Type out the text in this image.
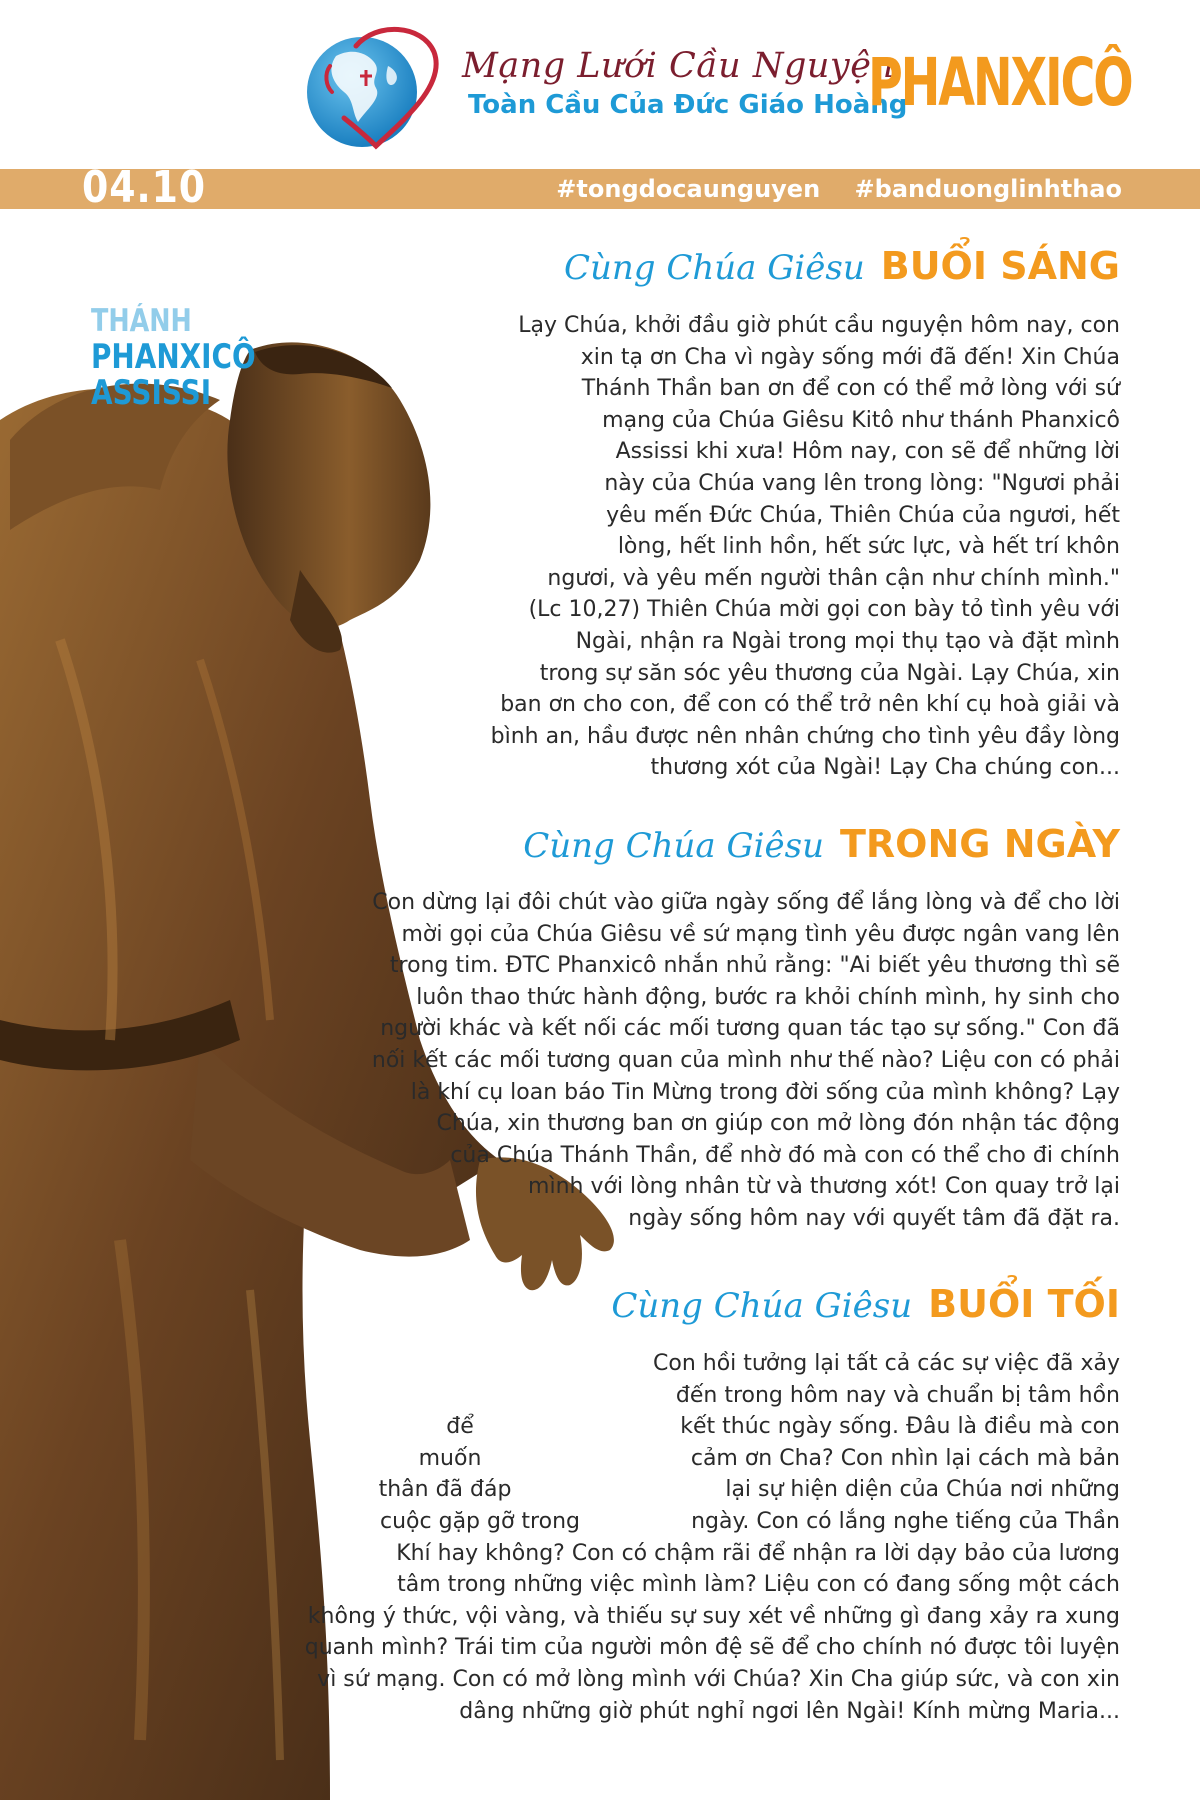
Mạng Lưới Cầu Nguyện
Toàn Cầu Của Đức Giáo Hoàng
PHANXICÔ
04.10	#tongdocaunguyen #banduonglinhthao
THÁNH
PHANXICÔ
ASSISSI
Cùng Chúa Giêsu BUỔI SÁNG
Lạy Chúa, khởi đầu giờ phút cầu nguyện hôm nay, con
xin tạ ơn Cha vì ngày sống mới đã đến! Xin Chúa
Thánh Thần ban ơn để con có thể mở lòng với sứ
mạng của Chúa Giêsu Kitô như thánh Phanxicô
Assissi khi xưa! Hôm nay, con sẽ để những lời
này của Chúa vang lên trong lòng: "Ngươi phải
yêu mến Đức Chúa, Thiên Chúa của ngươi, hết
lòng, hết linh hồn, hết sức lực, và hết trí khôn
ngươi, và yêu mến người thân cận như chính mình."
(Lc 10,27) Thiên Chúa mời gọi con bày tỏ tình yêu với
Ngài, nhận ra Ngài trong mọi thụ tạo và đặt mình
trong sự săn sóc yêu thương của Ngài. Lạy Chúa, xin
ban ơn cho con, để con có thể trở nên khí cụ hoà giải và
bình an, hầu được nên nhân chứng cho tình yêu đầy lòng
thương xót của Ngài! Lạy Cha chúng con...
Cùng Chúa Giêsu TRONG NGÀY
Con dừng lại đôi chút vào giữa ngày sống để lắng lòng và để cho lời
mời gọi của Chúa Giêsu về sứ mạng tình yêu được ngân vang lên
trong tim. ĐTC Phanxicô nhắn nhủ rằng: "Ai biết yêu thương thì sẽ
luôn thao thức hành động, bước ra khỏi chính mình, hy sinh cho
người khác và kết nối các mối tương quan tác tạo sự sống." Con đã
nối kết các mối tương quan của mình như thế nào? Liệu con có phải
là khí cụ loan báo Tin Mừng trong đời sống của mình không? Lạy
Chúa, xin thương ban ơn giúp con mở lòng đón nhận tác động
của Chúa Thánh Thần, để nhờ đó mà con có thể cho đi chính
mình với lòng nhân từ và thương xót! Con quay trở lại
ngày sống hôm nay với quyết tâm đã đặt ra.
Cùng Chúa Giêsu BUỔI TỐI
Con hồi tưởng lại tất cả các sự việc đã xảy
đến trong hôm nay và chuẩn bị tâm hồn
kết thúc ngày sống. Đâu là điều mà con
cảm ơn Cha? Con nhìn lại cách mà bản
lại sự hiện diện của Chúa nơi những
ngày. Con có lắng nghe tiếng của Thần
Khí hay không? Con có chậm rãi để nhận ra lời dạy bảo của lương
tâm trong những việc mình làm? Liệu con có đang sống một cách
không ý thức, vội vàng, và thiếu sự suy xét về những gì đang xảy ra xung
quanh mình? Trái tim của người môn đệ sẽ để cho chính nó được tôi luyện
vì sứ mạng. Con có mở lòng mình với Chúa? Xin Cha giúp sức, và con xin
dâng những giờ phút nghỉ ngơi lên Ngài! Kính mừng Maria...
để
muốn
thân đã đáp
cuộc gặp gỡ trong
